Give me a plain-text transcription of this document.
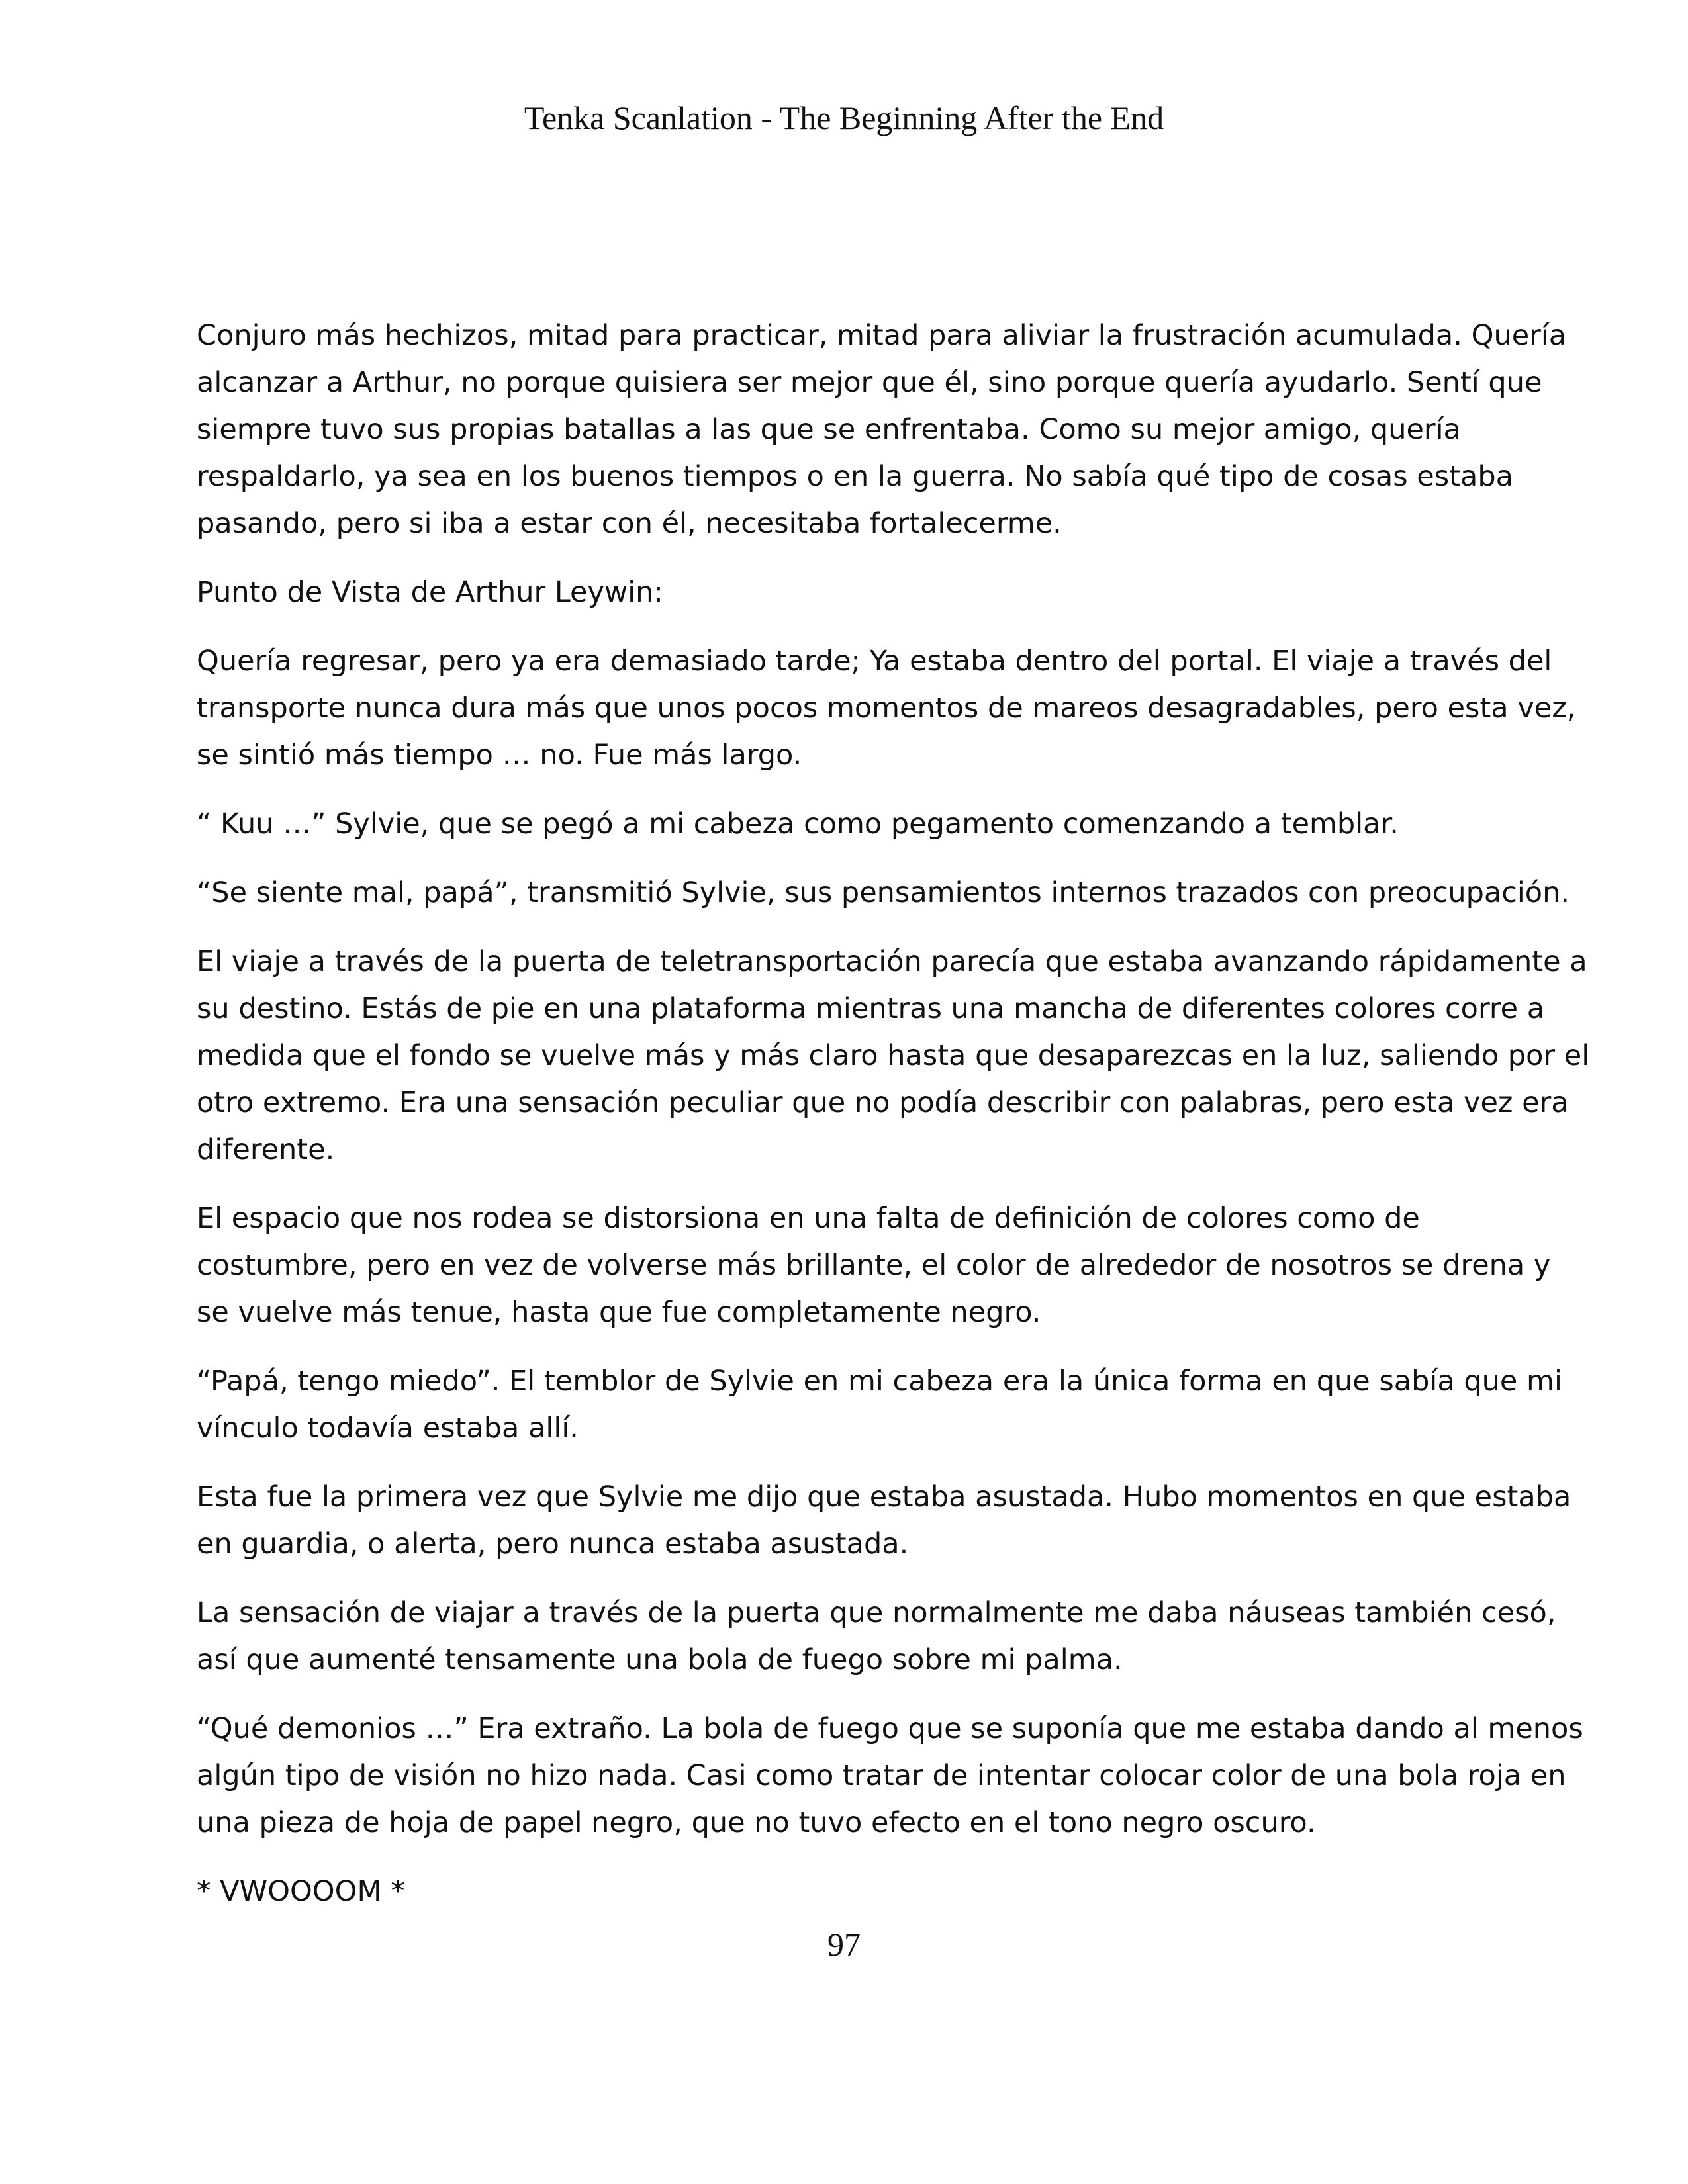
Tenka Scanlation - The Beginning After the End

Conjuro más hechizos, mitad para practicar, mitad para aliviar la frustración acumulada. Quería
alcanzar a Arthur, no porque quisiera ser mejor que él, sino porque quería ayudarlo. Sentí que
siempre tuvo sus propias batallas a las que se enfrentaba. Como su mejor amigo, quería
respaldarlo, ya sea en los buenos tiempos o en la guerra. No sabía qué tipo de cosas estaba
pasando, pero si iba a estar con él, necesitaba fortalecerme.

Punto de Vista de Arthur Leywin:

Quería regresar, pero ya era demasiado tarde; Ya estaba dentro del portal. El viaje a través del
transporte nunca dura más que unos pocos momentos de mareos desagradables, pero esta vez,
se sintió más tiempo … no. Fue más largo.

“ Kuu …” Sylvie, que se pegó a mi cabeza como pegamento comenzando a temblar.

“Se siente mal, papá”, transmitió Sylvie, sus pensamientos internos trazados con preocupación.

El viaje a través de la puerta de teletransportación parecía que estaba avanzando rápidamente a
su destino. Estás de pie en una plataforma mientras una mancha de diferentes colores corre a
medida que el fondo se vuelve más y más claro hasta que desaparezcas en la luz, saliendo por el
otro extremo. Era una sensación peculiar que no podía describir con palabras, pero esta vez era
diferente.

El espacio que nos rodea se distorsiona en una falta de definición de colores como de
costumbre, pero en vez de volverse más brillante, el color de alrededor de nosotros se drena y
se vuelve más tenue, hasta que fue completamente negro.

“Papá, tengo miedo”. El temblor de Sylvie en mi cabeza era la única forma en que sabía que mi
vínculo todavía estaba allí.

Esta fue la primera vez que Sylvie me dijo que estaba asustada. Hubo momentos en que estaba
en guardia, o alerta, pero nunca estaba asustada.

La sensación de viajar a través de la puerta que normalmente me daba náuseas también cesó,
así que aumenté tensamente una bola de fuego sobre mi palma.

“Qué demonios …” Era extraño. La bola de fuego que se suponía que me estaba dando al menos
algún tipo de visión no hizo nada. Casi como tratar de intentar colocar color de una bola roja en
una pieza de hoja de papel negro, que no tuvo efecto en el tono negro oscuro.

* VWOOOOM *

97
